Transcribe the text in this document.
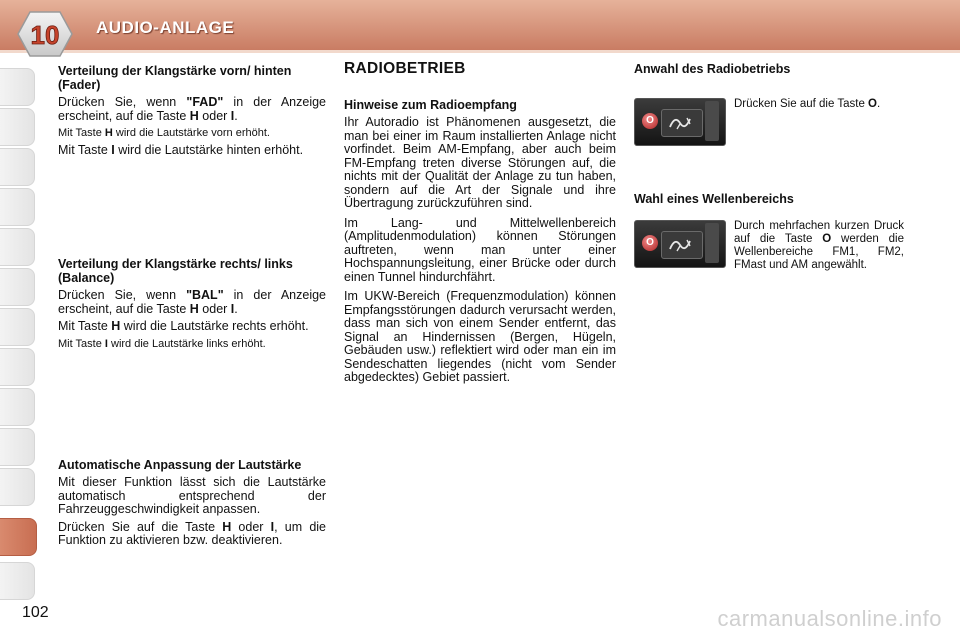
10 AUDIO-ANLAGE
Verteilung der Klangstärke vorn/ hinten (Fader)

Drücken Sie, wenn "FAD" in der Anzeige erscheint, auf die Taste H oder I.

Mit Taste H wird die Lautstärke vorn erhöht.

Mit Taste I wird die Lautstärke hinten erhöht.

Verteilung der Klangstärke rechts/ links (Balance)

Drücken Sie, wenn "BAL" in der Anzeige erscheint, auf die Taste H oder I.

Mit Taste H wird die Lautstärke rechts erhöht.

Mit Taste I wird die Lautstärke links erhöht.

Automatische Anpassung der Lautstärke

Mit dieser Funktion lässt sich die Lautstärke automatisch entsprechend der Fahrzeuggeschwindigkeit anpassen.

Drücken Sie auf die Taste H oder I, um die Funktion zu aktivieren bzw. deaktivieren.

RADIOBETRIEB
Hinweise zum Radioempfang

Ihr Autoradio ist Phänomenen ausgesetzt, die man bei einer im Raum installierten Anlage nicht vorfindet. Beim AM-Empfang, aber auch beim FM-Empfang treten diverse Störungen auf, die nichts mit der Qualität der Anlage zu tun haben, sondern auf die Art der Signale und ihre Übertragung zurückzuführen sind.

Im Lang- und Mittelwellenbereich (Amplitudenmodulation) können Störungen auftreten, wenn man unter einer Hochspannungsleitung, einer Brücke oder durch einen Tunnel hindurchfährt.

Im UKW-Bereich (Frequenzmodulation) können Empfangsstörungen dadurch verursacht werden, dass man sich von einem Sender entfernt, das Signal an Hindernissen (Bergen, Hügeln, Gebäuden usw.) reflektiert wird oder man ein im Sendeschatten liegendes (nicht vom Sender abgedecktes) Gebiet passiert.

Anwahl des Radiobetriebs
O
Drücken Sie auf die Taste O.
Wahl eines Wellenbereichs
O
Durch mehrfachen kurzen Druck auf die Taste O werden die Wellenbereiche FM1, FM2, FMast und AM angewählt.
102	carmanualsonline.info
